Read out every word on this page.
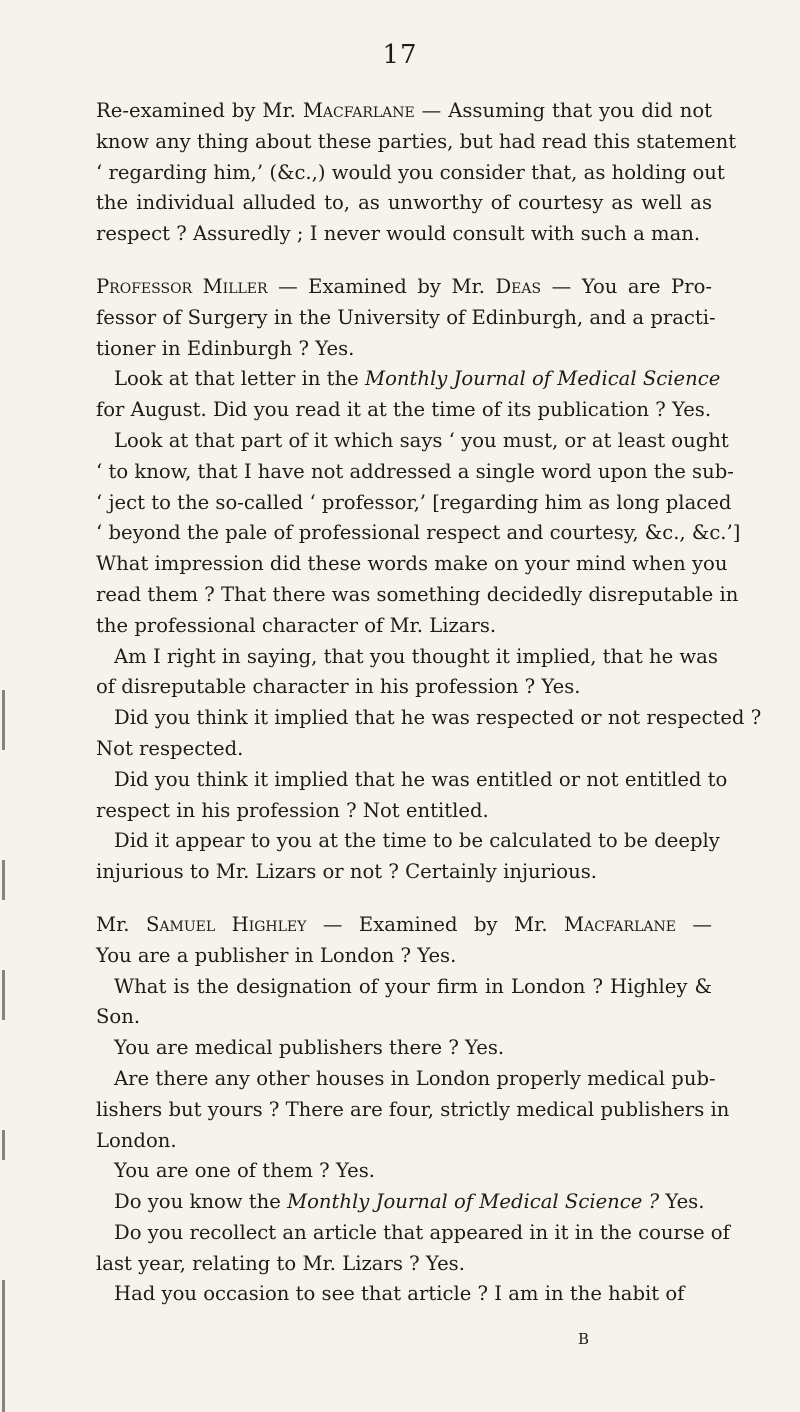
17
Re-examined by Mr. Macfarlane — Assuming that you did not
know any thing about these parties, but had read this statement
‘ regarding him,’ (&c.,) would you consider that, as holding out
the individual alluded to, as unworthy of courtesy as well as
respect ? Assuredly ; I never would consult with such a man.
Professor Miller — Examined by Mr. Deas — You are Pro-
fessor of Surgery in the University of Edinburgh, and a practi-
tioner in Edinburgh ? Yes.
Look at that letter in the Monthly Journal of Medical Science
for August. Did you read it at the time of its publication ? Yes.
Look at that part of it which says ‘ you must, or at least ought
‘ to know, that I have not addressed a single word upon the sub-
‘ ject to the so-called ‘ professor,’ [regarding him as long placed
‘ beyond the pale of professional respect and courtesy, &c., &c.’]
What impression did these words make on your mind when you
read them ? That there was something decidedly disreputable in
the professional character of Mr. Lizars.
Am I right in saying, that you thought it implied, that he was
of disreputable character in his profession ? Yes.
Did you think it implied that he was respected or not respected ?
Not respected.
Did you think it implied that he was entitled or not entitled to
respect in his profession ? Not entitled.
Did it appear to you at the time to be calculated to be deeply
injurious to Mr. Lizars or not ? Certainly injurious.
Mr. Samuel Highley — Examined by Mr. Macfarlane —
You are a publisher in London ? Yes.
What is the designation of your firm in London ? Highley &
Son.
You are medical publishers there ? Yes.
Are there any other houses in London properly medical pub-
lishers but yours ? There are four, strictly medical publishers in
London.
You are one of them ? Yes.
Do you know the Monthly Journal of Medical Science ? Yes.
Do you recollect an article that appeared in it in the course of
last year, relating to Mr. Lizars ? Yes.
Had you occasion to see that article ? I am in the habit of
B
